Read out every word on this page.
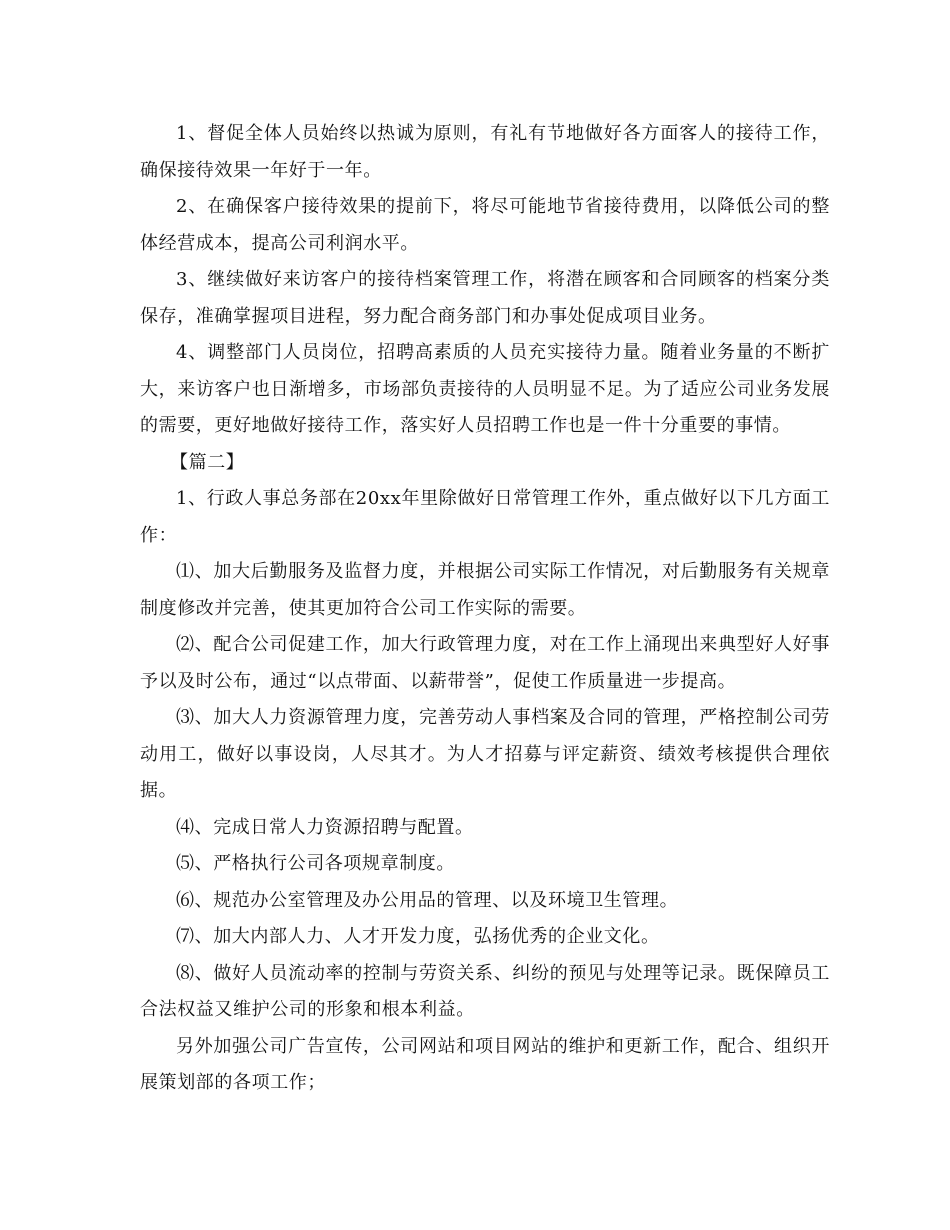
1、督促全体人员始终以热诚为原则，有礼有节地做好各方面客人的接待工作，确保接待效果一年好于一年。

2、在确保客户接待效果的提前下，将尽可能地节省接待费用，以降低公司的整体经营成本，提高公司利润水平。

3、继续做好来访客户的接待档案管理工作，将潜在顾客和合同顾客的档案分类保存，准确掌握项目进程，努力配合商务部门和办事处促成项目业务。

4、调整部门人员岗位，招聘高素质的人员充实接待力量。随着业务量的不断扩大，来访客户也日渐增多，市场部负责接待的人员明显不足。为了适应公司业务发展的需要，更好地做好接待工作，落实好人员招聘工作也是一件十分重要的事情。

【篇二】

1、行政人事总务部在20xx年里除做好日常管理工作外，重点做好以下几方面工作：

⑴、加大后勤服务及监督力度，并根据公司实际工作情况，对后勤服务有关规章制度修改并完善，使其更加符合公司工作实际的需要。

⑵、配合公司促建工作，加大行政管理力度，对在工作上涌现出来典型好人好事予以及时公布，通过“以点带面、以薪带誉”，促使工作质量进一步提高。

⑶、加大人力资源管理力度，完善劳动人事档案及合同的管理，严格控制公司劳动用工，做好以事设岗，人尽其才。为人才招募与评定薪资、绩效考核提供合理依据。

⑷、完成日常人力资源招聘与配置。

⑸、严格执行公司各项规章制度。

⑹、规范办公室管理及办公用品的管理、以及环境卫生管理。

⑺、加大内部人力、人才开发力度，弘扬优秀的企业文化。

⑻、做好人员流动率的控制与劳资关系、纠纷的预见与处理等记录。既保障员工合法权益又维护公司的形象和根本利益。

另外加强公司广告宣传，公司网站和项目网站的维护和更新工作，配合、组织开展策划部的各项工作；
